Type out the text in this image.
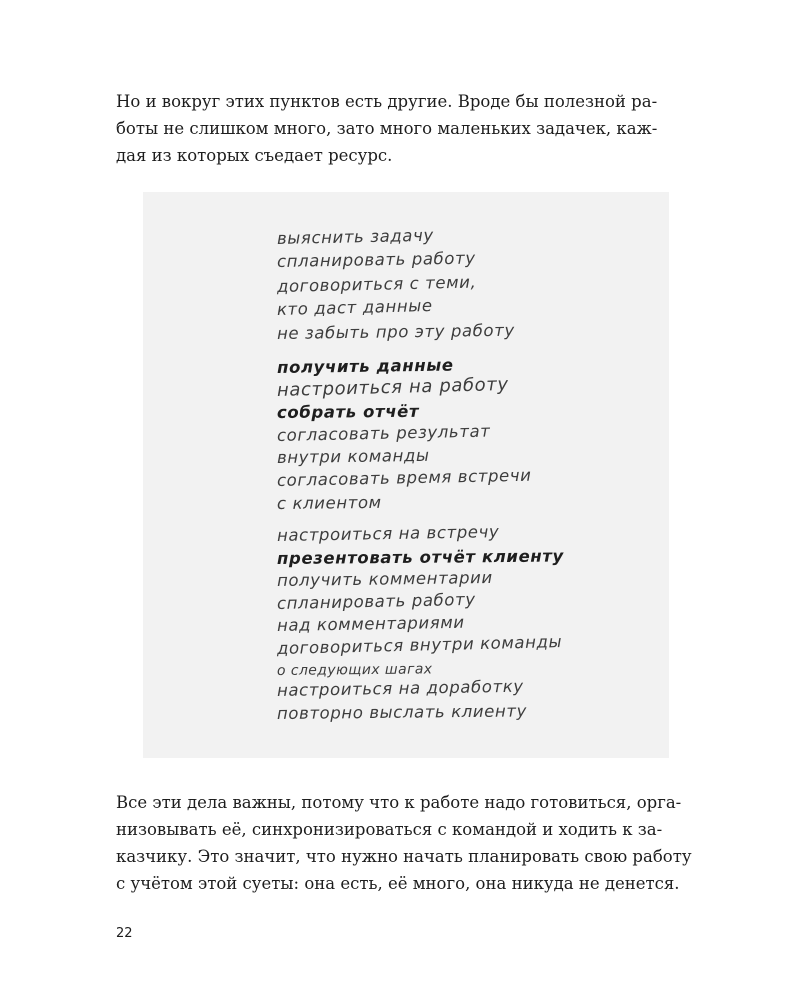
Но и вокруг этих пунктов есть другие. Вроде бы полезной ра-
боты не слишком много, зато много маленьких задачек, каж-
дая из которых съедает ресурс.

выяснить задачу
спланировать работу
договориться с теми,
кто даст данные
не забыть про эту работу
получить данные
настроиться на работу
собрать отчёт
согласовать результат
внутри команды
согласовать время встречи
с клиентом
настроиться на встречу
презентовать отчёт клиенту
получить комментарии
спланировать работу
над комментариями
договориться внутри команды
о следующих шагах
настроиться на доработку
повторно выслать клиенту

Все эти дела важны, потому что к работе надо готовиться, орга-
низовывать её, синхронизироваться с командой и ходить к за-
казчику. Это значит, что нужно начать планировать свою работу
с учётом этой суеты: она есть, её много, она никуда не денется.

22
